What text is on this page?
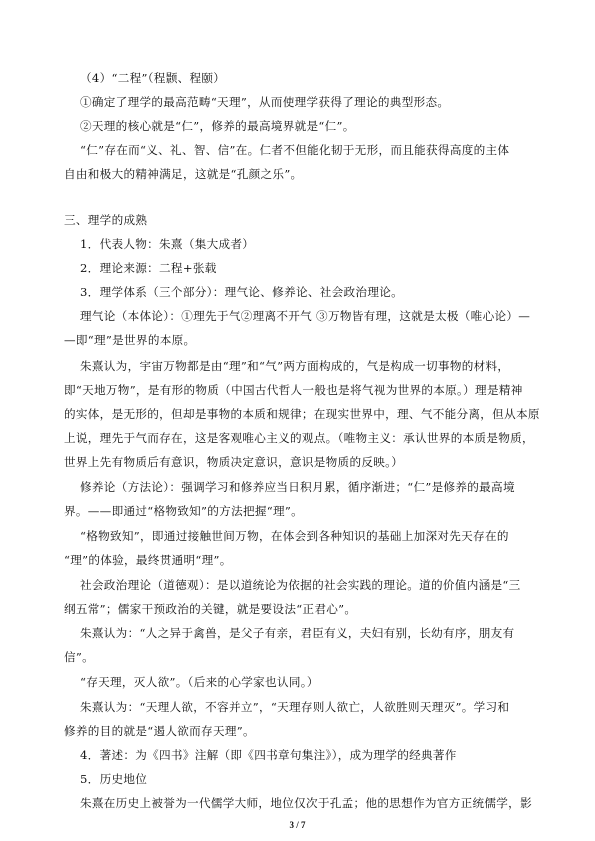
（4）“二程”（程颢、程颐）
①确定了理学的最高范畴“天理”，从而使理学获得了理论的典型形态。
②天理的核心就是“仁”，修养的最高境界就是“仁”。
“仁”存在而“义、礼、智、信”在。仁者不但能化韧于无形，而且能获得高度的主体
自由和极大的精神满足，这就是“孔颜之乐”。
三、理学的成熟
1．代表人物：朱熹（集大成者）
2．理论来源：二程+张载
3．理学体系（三个部分）：理气论、修养论、社会政治理论。
理气论（本体论）：①理先于气②理离不开气 ③万物皆有理，这就是太极（唯心论）—
—即“理”是世界的本原。
朱熹认为，宇宙万物都是由“理”和“气”两方面构成的，气是构成一切事物的材料，
即“天地万物”，是有形的物质（中国古代哲人一般也是将气视为世界的本原。）理是精神
的实体，是无形的，但却是事物的本质和规律；在现实世界中，理、气不能分离，但从本原
上说，理先于气而存在，这是客观唯心主义的观点。（唯物主义：承认世界的本质是物质，
世界上先有物质后有意识，物质决定意识，意识是物质的反映。）
修养论（方法论）：强调学习和修养应当日积月累，循序渐进；“仁”是修养的最高境
界。——即通过“格物致知”的方法把握“理”。
“格物致知”，即通过接触世间万物，在体会到各种知识的基础上加深对先天存在的
“理”的体验，最终贯通明“理”。
社会政治理论（道德观）：是以道统论为依据的社会实践的理论。道的价值内涵是“三
纲五常”；儒家干预政治的关键，就是要设法“正君心”。
朱熹认为：“人之异于禽兽，是父子有亲，君臣有义，夫妇有别，长幼有序，朋友有
信”。
“存天理，灭人欲”。（后来的心学家也认同。）
朱熹认为：“天理人欲，不容并立”，“天理存则人欲亡，人欲胜则天理灭”。学习和
修养的目的就是“遏人欲而存天理”。
4．著述：为《四书》注解（即《四书章句集注》），成为理学的经典著作
5．历史地位
朱熹在历史上被誉为一代儒学大师，地位仅次于孔孟；他的思想作为官方正统儒学，影
3 / 7
